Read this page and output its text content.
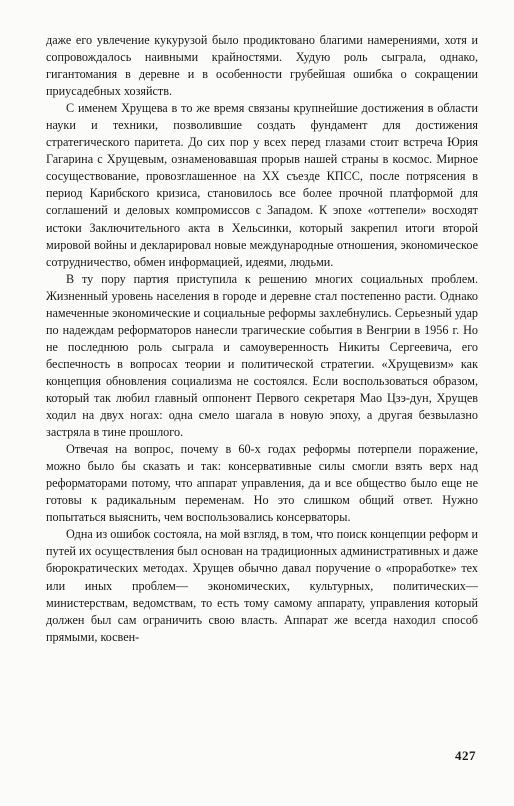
даже его увлечение кукурузой было продиктовано благими намерениями, хотя и сопровождалось наивными крайностями. Худую роль сыграла, однако, гигантомания в деревне и в особенности грубейшая ошибка о сокращении приусадебных хозяйств.

С именем Хрущева в то же время связаны крупнейшие достижения в области науки и техники, позволившие создать фундамент для достижения стратегического паритета. До сих пор у всех перед глазами стоит встреча Юрия Гагарина с Хрущевым, ознаменовавшая прорыв нашей страны в космос. Мирное сосуществование, провозглашенное на XX съезде КПСС, после потрясения в период Карибского кризиса, становилось все более прочной платформой для соглашений и деловых компромиссов с Западом. К эпохе «оттепели» восходят истоки Заключительного акта в Хельсинки, который закрепил итоги второй мировой войны и декларировал новые международные отношения, экономическое сотрудничество, обмен информацией, идеями, людьми.

В ту пору партия приступила к решению многих социальных проблем. Жизненный уровень населения в городе и деревне стал постепенно расти. Однако намеченные экономические и социальные реформы захлебнулись. Серьезный удар по надеждам реформаторов нанесли трагические события в Венгрии в 1956 г. Но не последнюю роль сыграла и самоуверенность Никиты Сергеевича, его беспечность в вопросах теории и политической стратегии. «Хрущевизм» как концепция обновления социализма не состоялся. Если воспользоваться образом, который так любил главный оппонент Первого секретаря Мао Цзэ-дун, Хрущев ходил на двух ногах: одна смело шагала в новую эпоху, а другая безвылазно застряла в тине прошлого.

Отвечая на вопрос, почему в 60-х годах реформы потерпели поражение, можно было бы сказать и так: консервативные силы смогли взять верх над реформаторами потому, что аппарат управления, да и все общество было еще не готовы к радикальным переменам. Но это слишком общий ответ. Нужно попытаться выяснить, чем воспользовались консерваторы.

Одна из ошибок состояла, на мой взгляд, в том, что поиск концепции реформ и путей их осуществления был основан на традиционных административных и даже бюрократических методах. Хрущев обычно давал поручение о «проработке» тех или иных проблем— экономических, культурных, политических— министерствам, ведомствам, то есть тому самому аппарату, управления который должен был сам ограничить свою власть. Аппарат же всегда находил способ прямыми, косвен-

427
